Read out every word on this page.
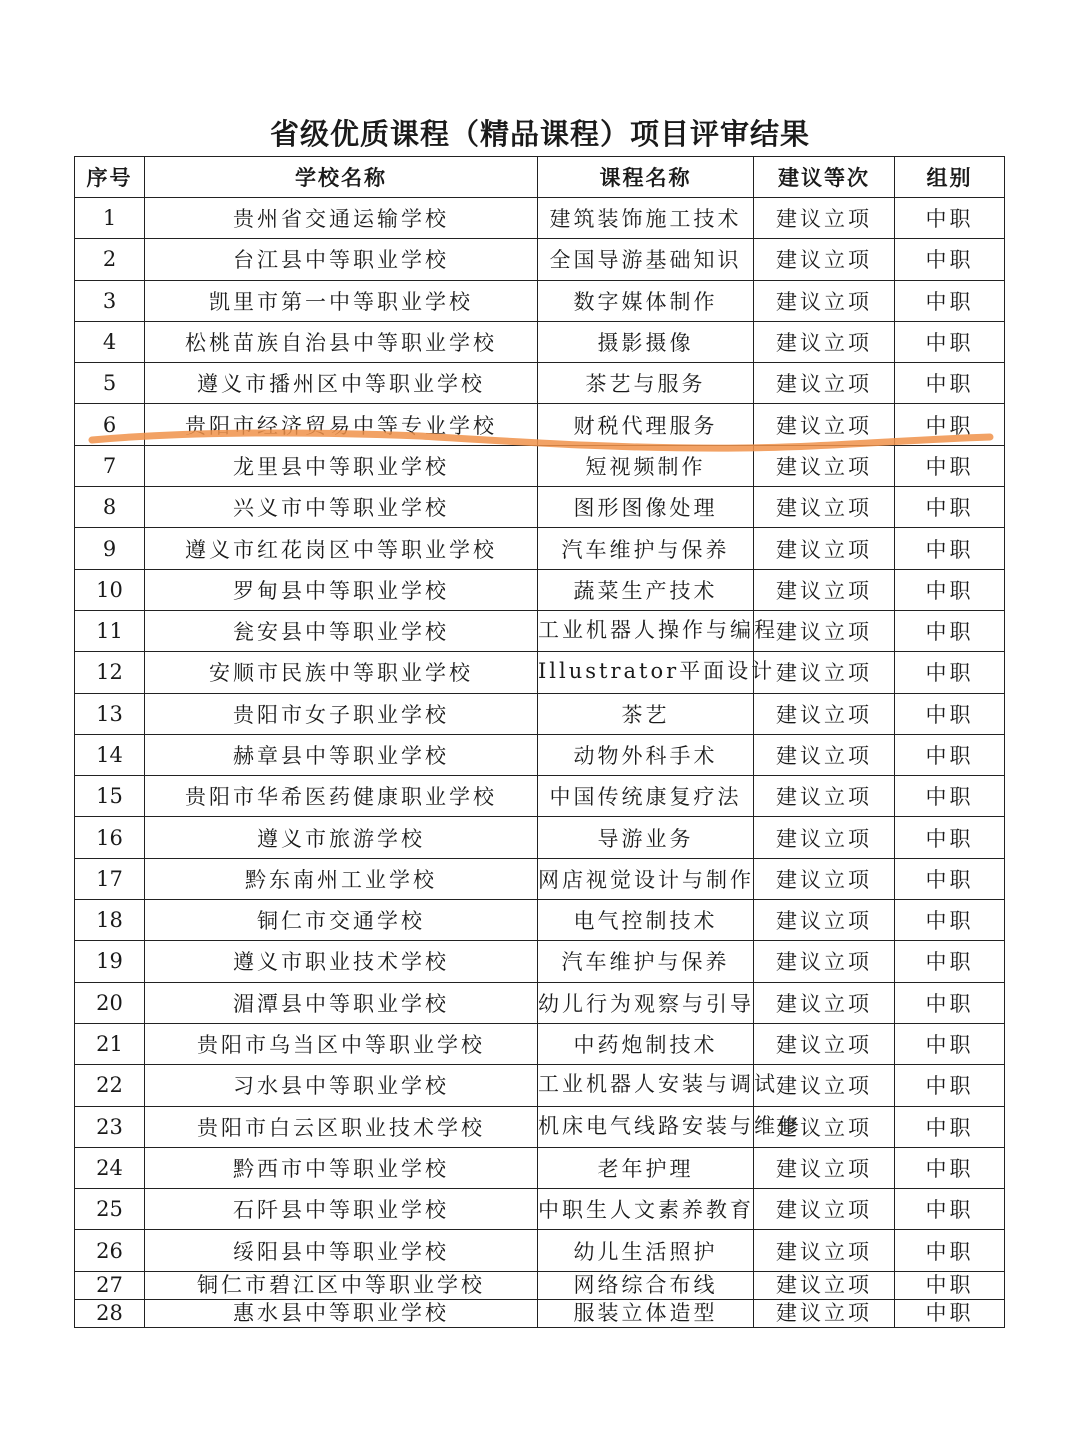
省级优质课程（精品课程）项目评审结果
序号	学校名称	课程名称	建议等次	组别
1	贵州省交通运输学校	建筑装饰施工技术	建议立项	中职
2	台江县中等职业学校	全国导游基础知识	建议立项	中职
3	凯里市第一中等职业学校	数字媒体制作	建议立项	中职
4	松桃苗族自治县中等职业学校	摄影摄像	建议立项	中职
5	遵义市播州区中等职业学校	茶艺与服务	建议立项	中职
6	贵阳市经济贸易中等专业学校	财税代理服务	建议立项	中职
7	龙里县中等职业学校	短视频制作	建议立项	中职
8	兴义市中等职业学校	图形图像处理	建议立项	中职
9	遵义市红花岗区中等职业学校	汽车维护与保养	建议立项	中职
10	罗甸县中等职业学校	蔬菜生产技术	建议立项	中职
11	瓮安县中等职业学校	工业机器人操作与编程	建议立项	中职
12	安顺市民族中等职业学校	Illustrator平面设计	建议立项	中职
13	贵阳市女子职业学校	茶艺	建议立项	中职
14	赫章县中等职业学校	动物外科手术	建议立项	中职
15	贵阳市华希医药健康职业学校	中国传统康复疗法	建议立项	中职
16	遵义市旅游学校	导游业务	建议立项	中职
17	黔东南州工业学校	网店视觉设计与制作	建议立项	中职
18	铜仁市交通学校	电气控制技术	建议立项	中职
19	遵义市职业技术学校	汽车维护与保养	建议立项	中职
20	湄潭县中等职业学校	幼儿行为观察与引导	建议立项	中职
21	贵阳市乌当区中等职业学校	中药炮制技术	建议立项	中职
22	习水县中等职业学校	工业机器人安装与调试	建议立项	中职
23	贵阳市白云区职业技术学校	机床电气线路安装与维修	建议立项	中职
24	黔西市中等职业学校	老年护理	建议立项	中职
25	石阡县中等职业学校	中职生人文素养教育	建议立项	中职
26	绥阳县中等职业学校	幼儿生活照护	建议立项	中职
27	铜仁市碧江区中等职业学校	网络综合布线	建议立项	中职
28	惠水县中等职业学校	服装立体造型	建议立项	中职
